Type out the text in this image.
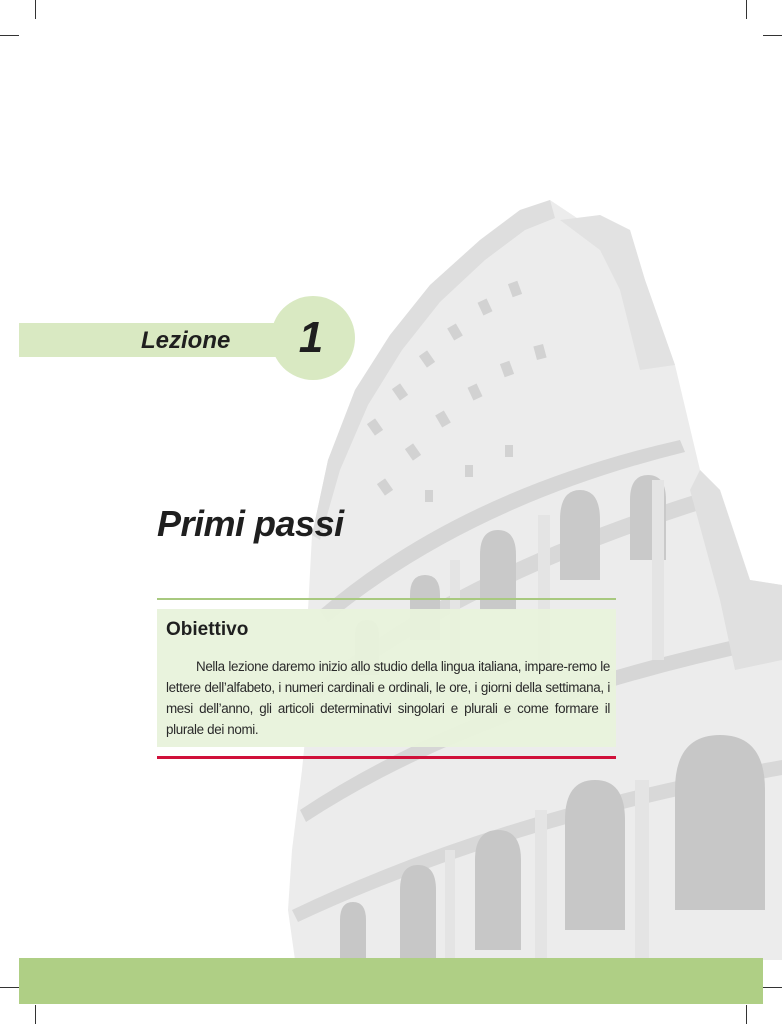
Lezione	1
Primi passi
Obiettivo

Nella lezione daremo inizio allo studio della lingua italiana, impare-remo le lettere dell’alfabeto, i numeri cardinali e ordinali, le ore, i giorni della settimana, i mesi dell’anno, gli articoli determinativi singolari e plurali e come formare il plurale dei nomi.
